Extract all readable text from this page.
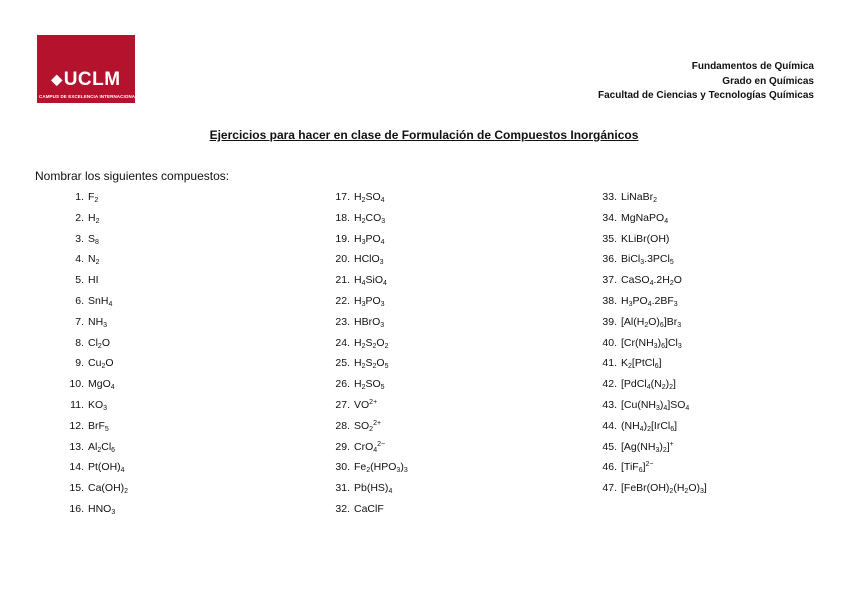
◆UCLM
CAMPUS DE EXCELENCIA INTERNACIONAL
Fundamentos de Química
Grado en Químicas
Facultad de Ciencias y Tecnologías Químicas
Ejercicios para hacer en clase de Formulación de Compuestos Inorgánicos
Nombrar los siguientes compuestos:
1. $F_2$
2. $H_2$
3. $S_8$
4. $N_2$
5. HI
6. SnH$_4$
7. $NH_3$
8. $Cl_2O$
9. $Cu_2O$
10. MgO$_4$
11. $KO_3$
12. BrF$_5$
13. $Al_2Cl_6$
14. $Pt(OH)_4$
15. $Ca(OH)_2$
16. $HNO_3$
17. $H_2SO_4$
18. $H_2CO_3$
19. $H_3PO_4$
20. HClO$_3$
21. $H_4SiO_4$
22. $H_3PO_3$
23. HBrO$_3$
24. $H_2S_2O_2$
25. $H_2S_2O_5$
26. $H_2SO_5$
27. $VO^{2+}$
28. $SO_2^{2+}$
29. CrO$_4^{2-}$
30. $Fe_2(HPO_3)_3$
31. $Pb(HS)_4$
32. CaClF
33. LiNaBr$_2$
34. MgNaPO$_4$
35. KLiBr(OH)
36. BiCl$_3$.3PCl$_5$
37. $CaSO_4.2H_2O$
38. $H_3PO_4.2BF_3$
39. $[Al(H_2O)_6]Br_3$
40. $[Cr(NH_3)_6]Cl_3$
41. $K_2[PtCl_6]$
42. $[PdCl_4(N_2)_2]$
43. $[Cu(NH_3)_4]SO_4$
44. $(NH_4)_2[IrCl_6]$
45. $[Ag(NH_3)_2]^+$
46. $[TiF_6]^{2-}$
47. $[FeBr(OH)_2(H_2O)_3]$
